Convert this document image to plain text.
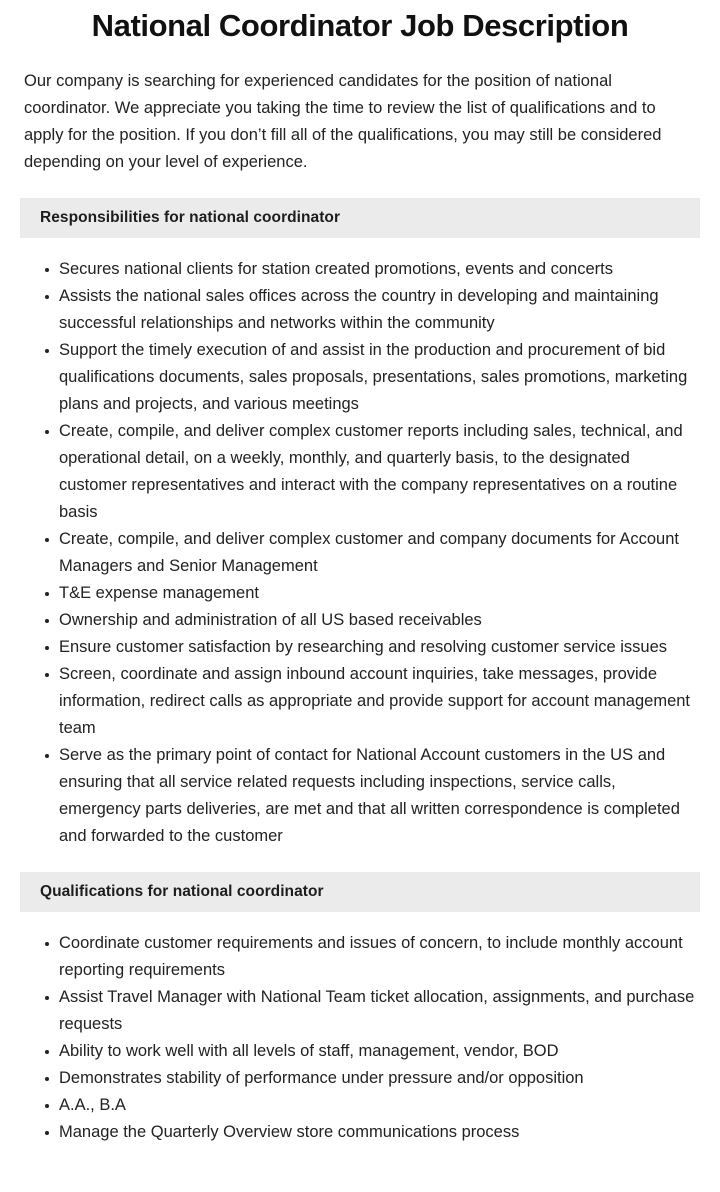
National Coordinator Job Description

Our company is searching for experienced candidates for the position of national coordinator. We appreciate you taking the time to review the list of qualifications and to apply for the position. If you don’t fill all of the qualifications, you may still be considered depending on your level of experience.

Responsibilities for national coordinator
Secures national clients for station created promotions, events and concerts
Assists the national sales offices across the country in developing and maintaining successful relationships and networks within the community
Support the timely execution of and assist in the production and procurement of bid qualifications documents, sales proposals, presentations, sales promotions, marketing plans and projects, and various meetings
Create, compile, and deliver complex customer reports including sales, technical, and operational detail, on a weekly, monthly, and quarterly basis, to the designated customer representatives and interact with the company representatives on a routine basis
Create, compile, and deliver complex customer and company documents for Account Managers and Senior Management
T&E expense management
Ownership and administration of all US based receivables
Ensure customer satisfaction by researching and resolving customer service issues
Screen, coordinate and assign inbound account inquiries, take messages, provide information, redirect calls as appropriate and provide support for account management team
Serve as the primary point of contact for National Account customers in the US and ensuring that all service related requests including inspections, service calls, emergency parts deliveries, are met and that all written correspondence is completed and forwarded to the customer
Qualifications for national coordinator
Coordinate customer requirements and issues of concern, to include monthly account reporting requirements
Assist Travel Manager with National Team ticket allocation, assignments, and purchase requests
Ability to work well with all levels of staff, management, vendor, BOD
Demonstrates stability of performance under pressure and/or opposition
A.A., B.A
Manage the Quarterly Overview store communications process
